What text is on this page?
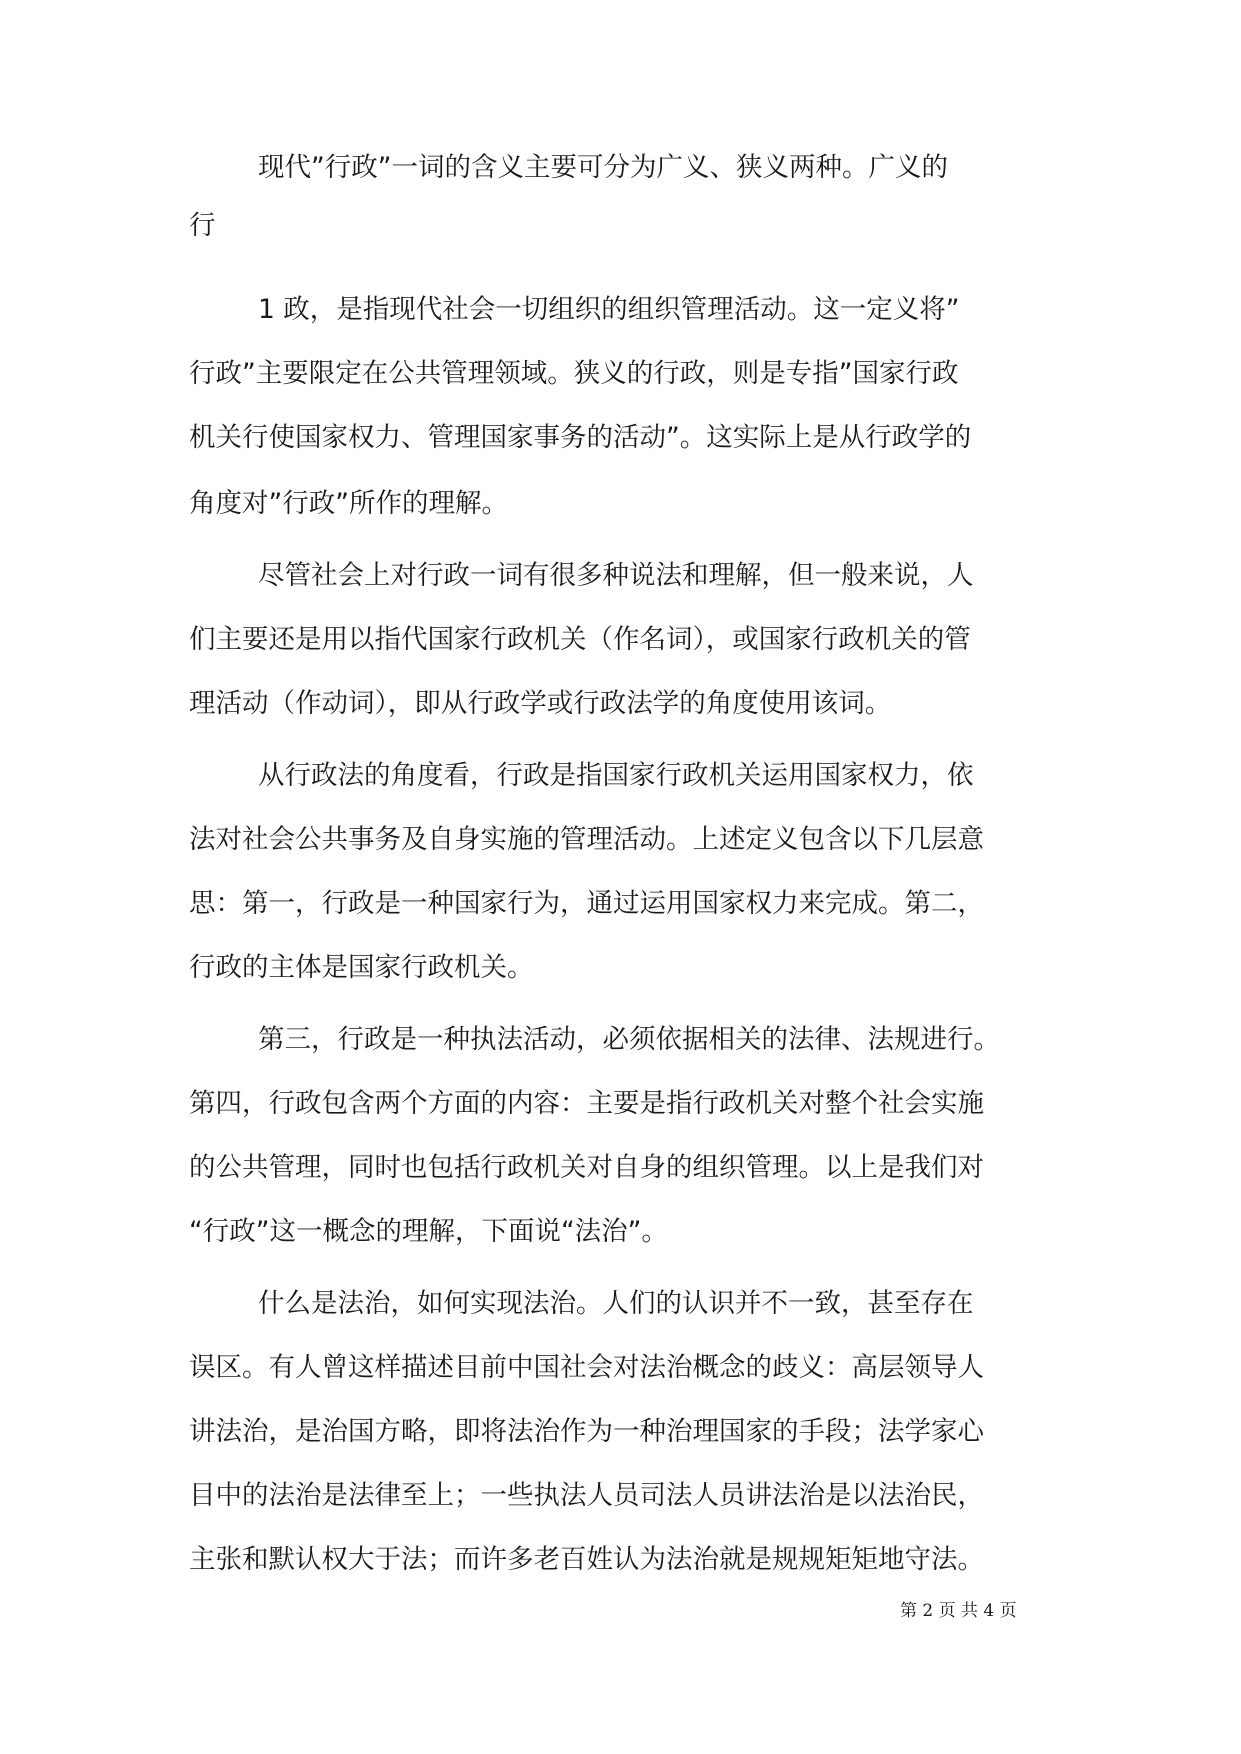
现代”行政”一词的含义主要可分为广义、狭义两种。广义的
行
1 政，是指现代社会一切组织的组织管理活动。这一定义将”
行政”主要限定在公共管理领域。狭义的行政，则是专指”国家行政
机关行使国家权力、管理国家事务的活动”。这实际上是从行政学的
角度对”行政”所作的理解。
尽管社会上对行政一词有很多种说法和理解，但一般来说，人
们主要还是用以指代国家行政机关（作名词），或国家行政机关的管
理活动（作动词），即从行政学或行政法学的角度使用该词。
从行政法的角度看，行政是指国家行政机关运用国家权力，依
法对社会公共事务及自身实施的管理活动。上述定义包含以下几层意
思：第一，行政是一种国家行为，通过运用国家权力来完成。第二，
行政的主体是国家行政机关。
第三，行政是一种执法活动，必须依据相关的法律、法规进行。
第四，行政包含两个方面的内容：主要是指行政机关对整个社会实施
的公共管理，同时也包括行政机关对自身的组织管理。以上是我们对
“行政”这一概念的理解，下面说“法治”。
什么是法治，如何实现法治。人们的认识并不一致，甚至存在
误区。有人曾这样描述目前中国社会对法治概念的歧义：高层领导人
讲法治，是治国方略，即将法治作为一种治理国家的手段；法学家心
目中的法治是法律至上；一些执法人员司法人员讲法治是以法治民，
主张和默认权大于法；而许多老百姓认为法治就是规规矩矩地守法。
第 2 页 共 4 页
